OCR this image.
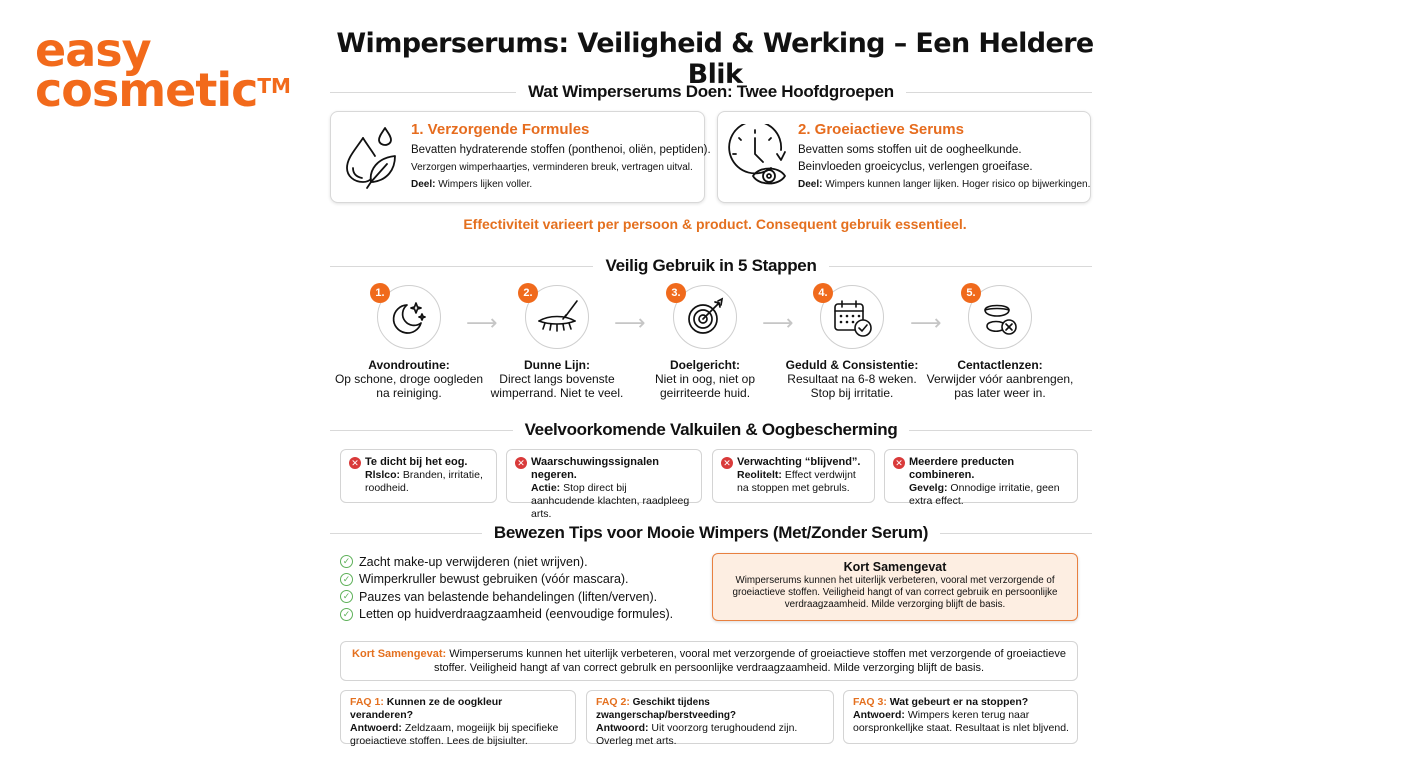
easy
cosmetic™
Wimperserums: Veiligheid & Werking – Een Heldere Blik
Wat Wimperserums Doen: Twee Hoofdgroepen
1. Verzorgende Formules
Bevatten hydraterende stoffen (ponthenoi, oliën, peptiden).
Verzorgen wimperhaartjes, verminderen breuk, vertragen uitval.
Deel: Wimpers lijken voller.
2. Groeiactieve Serums
Bevatten soms stoffen uit de oogheelkunde.
Beinvloeden groeicyclus, verlengen groeifase.
Deel: Wimpers kunnen langer lijken. Hoger risico op bijwerkingen.
Effectiviteit varieert per persoon & product. Consequent gebruik essentieel.
Veilig Gebruik in 5 Stappen
1.
Avondroutine:
Op schone, droge oogleden na reiniging.
⟶
2.
Dunne Lijn:
Direct langs bovenste wimperrand. Niet te veel.
⟶
3.
Doelgericht:
Niet in oog, niet op geirriteerde huid.
⟶
4.
Geduld & Consistentie:
Resultaat na 6-8 weken. Stop bij irritatie.
⟶
5.
Centactlenzen:
Verwijder vóór aanbrengen, pas later weer in.
Veelvoorkomende Valkuilen & Oogbescherming
✕ Te dicht bij het eog.
Rlslco: Branden, irritatie, roodheid.
✕ Waarschuwingssignalen negeren.
Actie: Stop direct bij aanhcudende klachten, raadpleeg arts.
✕ Verwachting “blijvend”.
Reolitelt: Effect verdwijnt na stoppen met gebruls.
✕ Meerdere preducten combineren.
Gevelg: Onnodige irritatie, geen extra effect.
Bewezen Tips voor Mooie Wimpers (Met/Zonder Serum)
✓ Zacht make-up verwijderen (niet wrijven).
✓ Wimperkruller bewust gebruiken (vóór mascara).
✓ Pauzes van belastende behandelingen (liften/verven).
✓ Letten op huidverdraagzaamheid (eenvoudige formules).
Kort Samengevat
Wimperserums kunnen het uiterlijk verbeteren, vooral met verzorgende of groeiactieve stoffen. Veiligheid hangt of van correct gebruik en persoonlijke verdraagzaamheid. Milde verzorging blijft de basis.
Kort Samengevat: Wimperserums kunnen het uiterlijk verbeteren, vooral met verzorgende of groeiactieve stoffen met verzorgende of groeiactieve stoffer. Veiligheid hangt af van correct gebrulk en persoonlijke verdraagzaamheid. Milde verzorging blijft de basis.
FAQ 1: Kunnen ze de oogkleur veranderen?
Antwoerd: Zeldzaam, mogeiijk bij specifieke groeiactieve stoffen. Lees de bijsiulter.
FAQ 2: Geschikt tijdens zwangerschap/berstveeding?
Antwoord: Uit voorzorg terughoudend zijn. Overleg met arts.
FAQ 3: Wat gebeurt er na stoppen?
Antwoerd: Wimpers keren terug naar oorspronkelljke staat. Resultaat is nlet bljvend.
